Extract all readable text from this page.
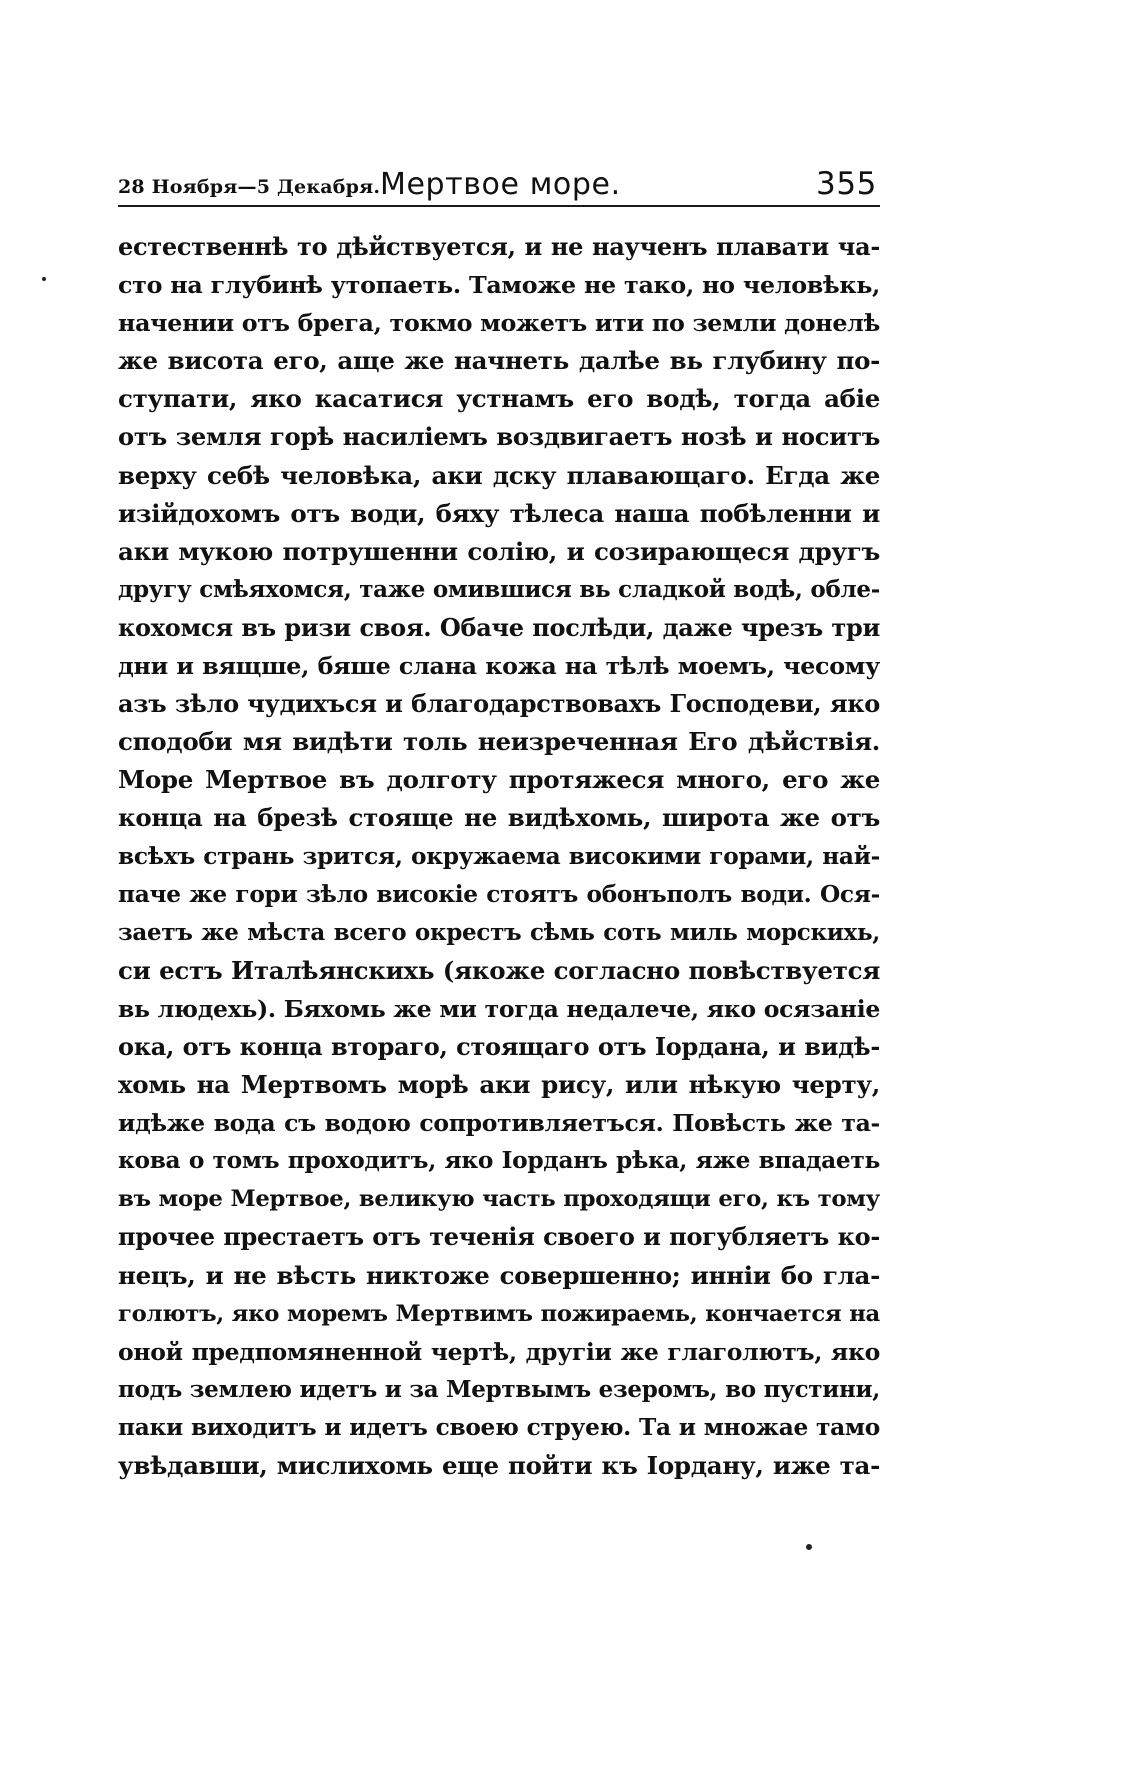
28 Ноября—5 Декабря. Мертвое море.	355
естественнѣ то дѣйствуется, и не наученъ плавати ча-
сто на глубинѣ утопаеть. Таможе не тако, но человѣкь,
начении отъ брега, токмо можетъ ити по земли донелѣ
же висота его, аще же начнеть далѣе вь глубину по-
ступати, яко касатися устнамъ его водѣ, тогда абіе
отъ земля горѣ насиліемъ воздвигаетъ нозѣ и носитъ
верху себѣ человѣка, аки дску плавающаго. Егда же
изійдохомъ отъ води, бяху тѣлеса наша побѣленни и
аки мукою потрушенни солію, и созирающеся другъ
другу смѣяхомся, таже омившися вь сладкой водѣ, обле-
кохомся въ ризи своя. Обаче послѣди, даже чрезъ три
дни и вящше, бяше слана кожа на тѣлѣ моемъ, чесому
азъ зѣло чудихъся и благодарствовахъ Господеви, яко
сподоби мя видѣти толь неизреченная Его дѣйствія.
Море Мертвое въ долготу протяжеся много, его же
конца на брезѣ стояще не видѣхомь, широта же отъ
всѣхъ странь зрится, окружаема високими горами, най-
паче же гори зѣло високіе стоятъ обонъполъ води. Ося-
заетъ же мѣста всего окрестъ сѣмь соть миль морскихь,
си естъ Италѣянскихь (якоже согласно повѣствуется
вь людехь). Бяхомь же ми тогда недалече, яко осязаніе
ока, отъ конца втораго, стоящаго отъ Іордана, и видѣ-
хомь на Мертвомъ морѣ аки рису, или нѣкую черту,
идѣже вода съ водою сопротивляетъся. Повѣсть же та-
кова о томъ проходитъ, яко Іорданъ рѣка, яже впадаеть
въ море Мертвое, великую часть проходящи его, къ тому
прочее престаетъ отъ теченія своего и погубляетъ ко-
нецъ, и не вѣсть никтоже совершенно; инніи бо гла-
голютъ, яко моремъ Мертвимъ пожираемь, кончается на
оной предпомяненной чертѣ, другіи же глаголютъ, яко
подъ землею идетъ и за Мертвымъ езеромъ, во пустини,
паки виходитъ и идетъ своею струею. Та и множае тамо
увѣдавши, мислихомь еще пойти къ Іордану, иже та-
